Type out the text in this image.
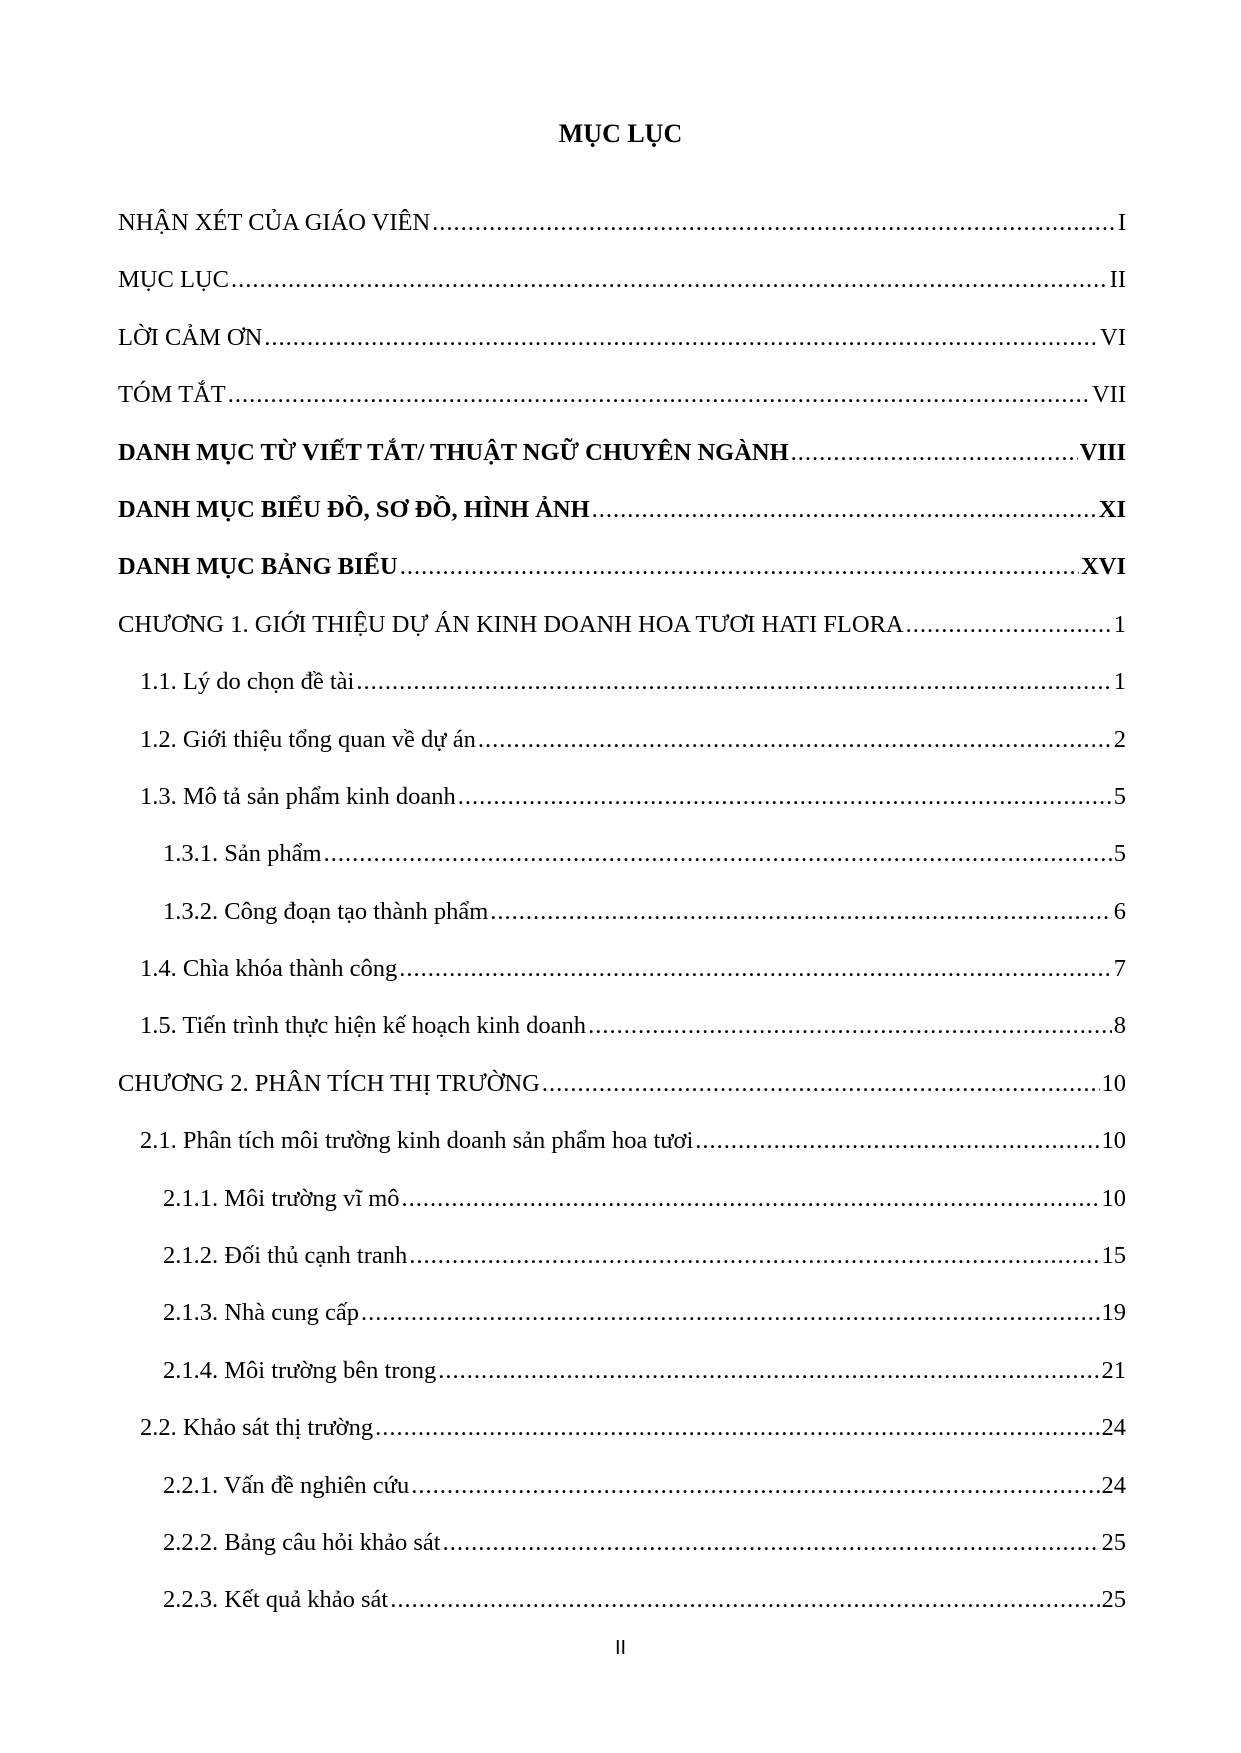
MỤC LỤC
NHẬN XÉT CỦA GIÁO VIÊN .....	I
MỤC LỤC .....	II
LỜI CẢM ƠN .....	VI
TÓM TẮT .....	VII
DANH MỤC TỪ VIẾT TẮT/ THUẬT NGỮ CHUYÊN NGÀNH .....	VIII
DANH MỤC BIỂU ĐỒ, SƠ ĐỒ, HÌNH ẢNH .....	XI
DANH MỤC BẢNG BIỂU .....	XVI
CHƯƠNG 1. GIỚI THIỆU DỰ ÁN KINH DOANH HOA TƯƠI HATI FLORA .....	1
1.1. Lý do chọn đề tài .....	1
1.2. Giới thiệu tổng quan về dự án .....	2
1.3. Mô tả sản phẩm kinh doanh .....	5
1.3.1. Sản phẩm .....	5
1.3.2. Công đoạn tạo thành phẩm .....	6
1.4. Chìa khóa thành công .....	7
1.5. Tiến trình thực hiện kế hoạch kinh doanh .....	8
CHƯƠNG 2. PHÂN TÍCH THỊ TRƯỜNG .....	10
2.1. Phân tích môi trường kinh doanh sản phẩm hoa tươi .....	10
2.1.1. Môi trường vĩ mô .....	10
2.1.2. Đối thủ cạnh tranh .....	15
2.1.3. Nhà cung cấp .....	19
2.1.4. Môi trường bên trong .....	21
2.2. Khảo sát thị trường .....	24
2.2.1. Vấn đề nghiên cứu .....	24
2.2.2. Bảng câu hỏi khảo sát .....	25
2.2.3. Kết quả khảo sát .....	25
II
